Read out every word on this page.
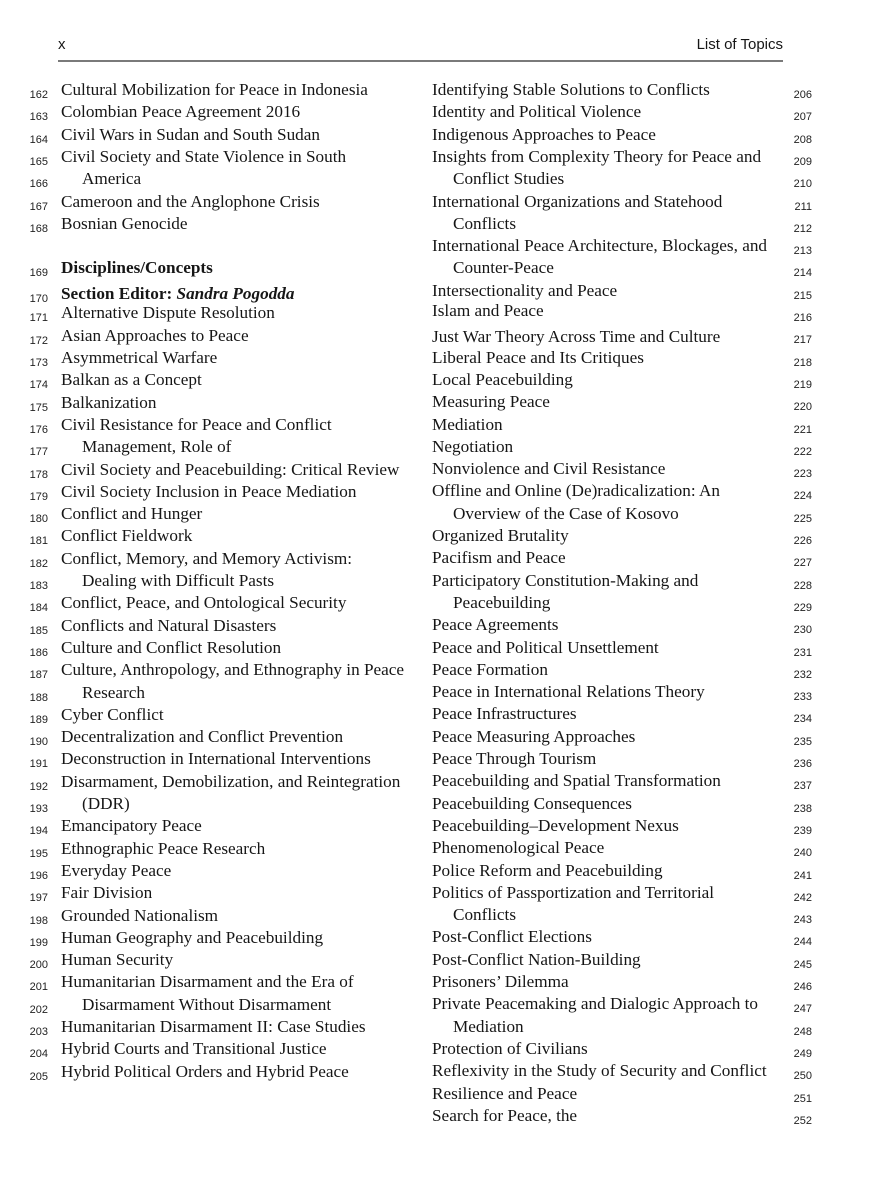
x	List of Topics
162 Cultural Mobilization for Peace in Indonesia
163 Colombian Peace Agreement 2016
164 Civil Wars in Sudan and South Sudan
165 Civil Society and State Violence in South
166 America
167 Cameroon and the Anglophone Crisis
168 Bosnian Genocide
169 Disciplines/Concepts
170 Section Editor: Sandra Pogodda
171 Alternative Dispute Resolution
172 Asian Approaches to Peace
173 Asymmetrical Warfare
174 Balkan as a Concept
175 Balkanization
176 Civil Resistance for Peace and Conflict
177 Management, Role of
178 Civil Society and Peacebuilding: Critical Review
179 Civil Society Inclusion in Peace Mediation
180 Conflict and Hunger
181 Conflict Fieldwork
182 Conflict, Memory, and Memory Activism:
183 Dealing with Difficult Pasts
184 Conflict, Peace, and Ontological Security
185 Conflicts and Natural Disasters
186 Culture and Conflict Resolution
187 Culture, Anthropology, and Ethnography in Peace
188 Research
189 Cyber Conflict
190 Decentralization and Conflict Prevention
191 Deconstruction in International Interventions
192 Disarmament, Demobilization, and Reintegration
193 (DDR)
194 Emancipatory Peace
195 Ethnographic Peace Research
196 Everyday Peace
197 Fair Division
198 Grounded Nationalism
199 Human Geography and Peacebuilding
200 Human Security
201 Humanitarian Disarmament and the Era of
202 Disarmament Without Disarmament
203 Humanitarian Disarmament II: Case Studies
204 Hybrid Courts and Transitional Justice
205 Hybrid Political Orders and Hybrid Peace
206
Identifying Stable Solutions to Conflicts
207
Identity and Political Violence
208
Indigenous Approaches to Peace
209
Insights from Complexity Theory for Peace and
210
Conflict Studies
211
International Organizations and Statehood
212
Conflicts
213
International Peace Architecture, Blockages, and
214
Counter-Peace
215
Intersectionality and Peace
216
Islam and Peace
217
Just War Theory Across Time and Culture
218
Liberal Peace and Its Critiques
219
Local Peacebuilding
220
Measuring Peace
221
Mediation
222
Negotiation
223
Nonviolence and Civil Resistance
224
Offline and Online (De)radicalization: An
225
Overview of the Case of Kosovo
226
Organized Brutality
227
Pacifism and Peace
228
Participatory Constitution-Making and
229
Peacebuilding
230
Peace Agreements
231
Peace and Political Unsettlement
232
Peace Formation
233
Peace in International Relations Theory
234
Peace Infrastructures
235
Peace Measuring Approaches
236
Peace Through Tourism
237
Peacebuilding and Spatial Transformation
238
Peacebuilding Consequences
239
Peacebuilding–Development Nexus
240
Phenomenological Peace
241
Police Reform and Peacebuilding
242
Politics of Passportization and Territorial
243
Conflicts
244
Post-Conflict Elections
245
Post-Conflict Nation-Building
246
Prisoners’ Dilemma
247
Private Peacemaking and Dialogic Approach to
248
Mediation
249
Protection of Civilians
250
Reflexivity in the Study of Security and Conflict
251
Resilience and Peace
252
Search for Peace, the
